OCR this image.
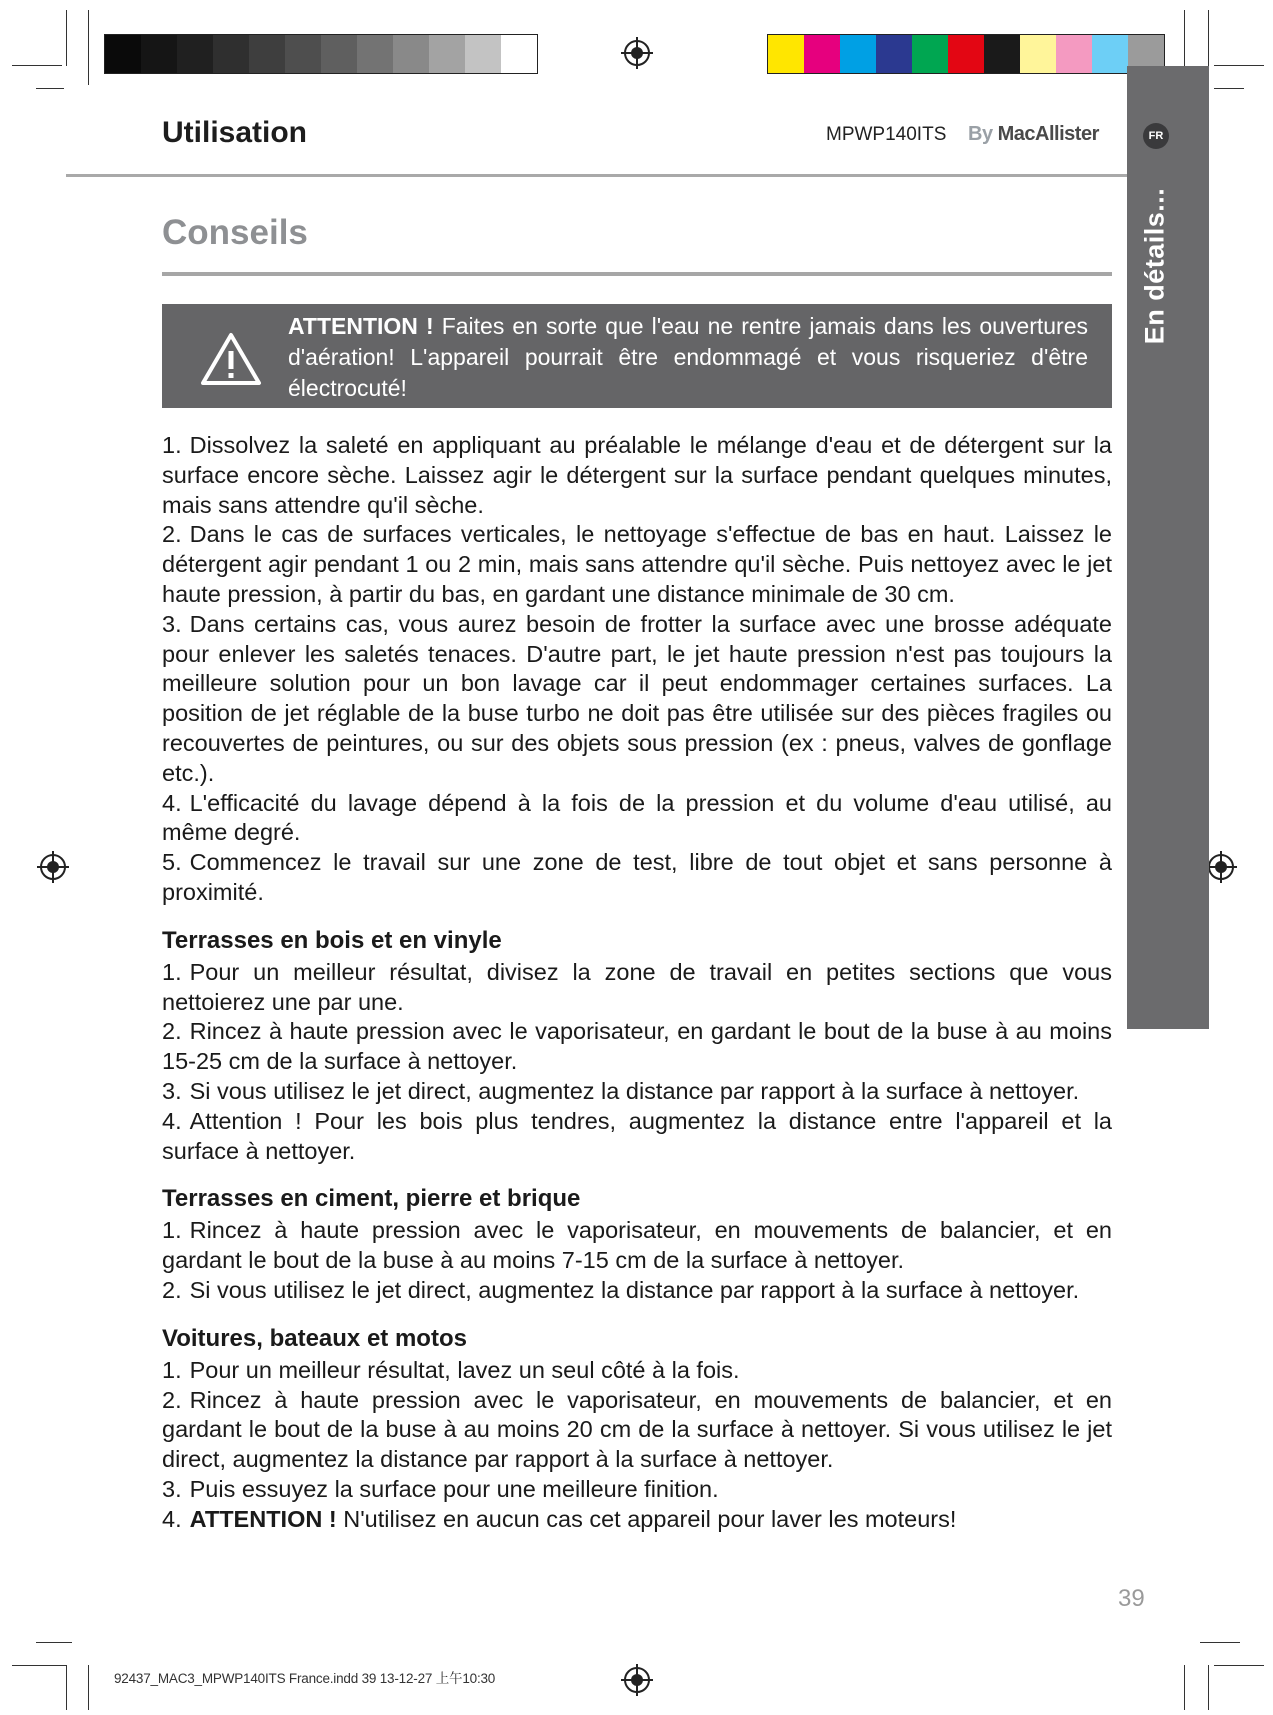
FR
En détails...
Utilisation	MPWP140ITS By MacAllister
Conseils
ATTENTION ! Faites en sorte que l'eau ne rentre jamais dans les ouvertures d'aération! L'appareil pourrait être endommagé et vous risqueriez d'être électrocuté!

1. Dissolvez la saleté en appliquant au préalable le mélange d'eau et de détergent sur la surface encore sèche. Laissez agir le détergent sur la surface pendant quelques minutes, mais sans attendre qu'il sèche.

2. Dans le cas de surfaces verticales, le nettoyage s'effectue de bas en haut. Laissez le détergent agir pendant 1 ou 2 min, mais sans attendre qu'il sèche. Puis nettoyez avec le jet haute pression, à partir du bas, en gardant une distance minimale de 30 cm.

3. Dans certains cas, vous aurez besoin de frotter la surface avec une brosse adéquate pour enlever les saletés tenaces. D'autre part, le jet haute pression n'est pas toujours la meilleure solution pour un bon lavage car il peut endommager certaines surfaces. La position de jet réglable de la buse turbo ne doit pas être utilisée sur des pièces fragiles ou recouvertes de peintures, ou sur des objets sous pression (ex : pneus, valves de gonflage etc.).

4. L'efficacité du lavage dépend à la fois de la pression et du volume d'eau utilisé, au même degré.

5. Commencez le travail sur une zone de test, libre de tout objet et sans personne à proximité.

Terrasses en bois et en vinyle

1. Pour un meilleur résultat, divisez la zone de travail en petites sections que vous nettoierez une par une.

2. Rincez à haute pression avec le vaporisateur, en gardant le bout de la buse à au moins 15-25 cm de la surface à nettoyer.

3. Si vous utilisez le jet direct, augmentez la distance par rapport à la surface à nettoyer.

4. Attention ! Pour les bois plus tendres, augmentez la distance entre l'appareil et la surface à nettoyer.

Terrasses en ciment, pierre et brique

1. Rincez à haute pression avec le vaporisateur, en mouvements de balancier, et en gardant le bout de la buse à au moins 7-15 cm de la surface à nettoyer.

2. Si vous utilisez le jet direct, augmentez la distance par rapport à la surface à nettoyer.

Voitures, bateaux et motos

1. Pour un meilleur résultat, lavez un seul côté à la fois.

2. Rincez à haute pression avec le vaporisateur, en mouvements de balancier, et en gardant le bout de la buse à au moins 20 cm de la surface à nettoyer. Si vous utilisez le jet direct, augmentez la distance par rapport à la surface à nettoyer.

3. Puis essuyez la surface pour une meilleure finition.

4. ATTENTION ! N'utilisez en aucun cas cet appareil pour laver les moteurs!

39
92437_MAC3_MPWP140ITS France.indd 39 13-12-27 上午10:30
